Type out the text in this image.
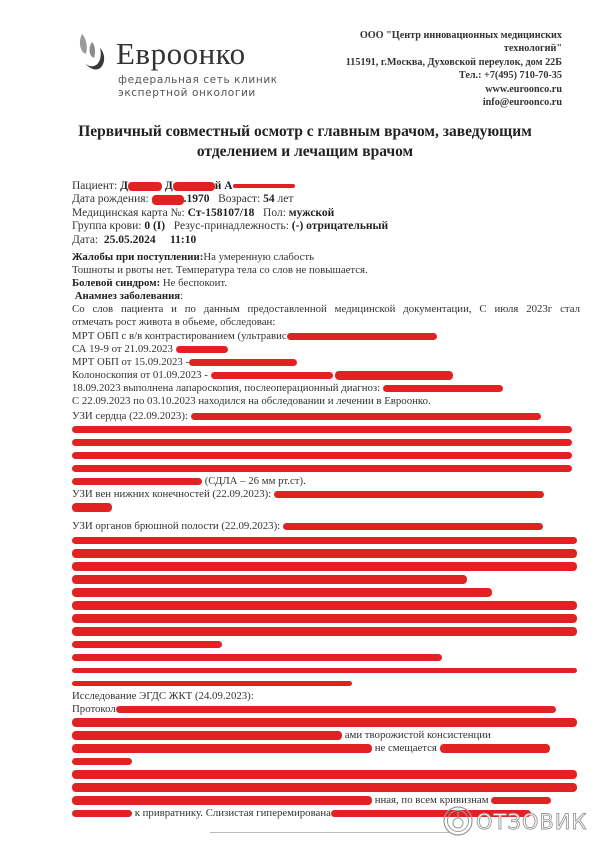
Евроонко
федеральная сеть клиник
экспертной онкологии
ООО "Центр инновационных медицинских
технологий"
115191, г.Москва, Духовской переулок, дом 22Б
Тел.: +7(495) 710-70-35
www.euroonco.ru
info@euroonco.ru
Первичный совместный осмотр с главным врачом, заведующим
отделением и лечащим врачом
Пациент: Д	Д	й А
Дата рождения:	.1970 Возраст: 54 лет
Медицинская карта №: Ст-158107/18 Пол: мужской
Группа крови: 0 (I) Резус-принадлежность: (-) отрицательный
Дата: 25.05.2024 11:10
Жалобы при поступлении:На умеренную слабость
Тошноты и рвоты нет. Температура тела со слов не повышается.
Болевой синдром: Не беспокоит.
Анамнез заболевания:
Со слов пациента и по данным предоставленной медицинской документации, С июля 2023г стал
отмечать рост живота в обьеме, обследован:
МРТ ОБП с в/в контрастированием (ультравис
СА 19-9 от 21.09.2023
МРТ ОБП от 15.09.2023 -
Колоноскопия от 01.09.2023 -
18.09.2023 выполнена лапароскопия, послеоперационный диагноз:
С 22.09.2023 по 03.10.2023 находился на обследовании и лечении в Евроонко.
УЗИ сердца (22.09.2023):
(СДЛА – 26 мм рт.ст).
УЗИ вен нижних конечностей (22.09.2023):
УЗИ органов брюшной полости (22.09.2023):
Исследование ЭГДС ЖКТ (24.09.2023):
Протокол
ами творожистой консистенции
не смещается
нная, по всем кривизнам
к привратнику. Слизистая гиперемирована	ОТЗОВИК
